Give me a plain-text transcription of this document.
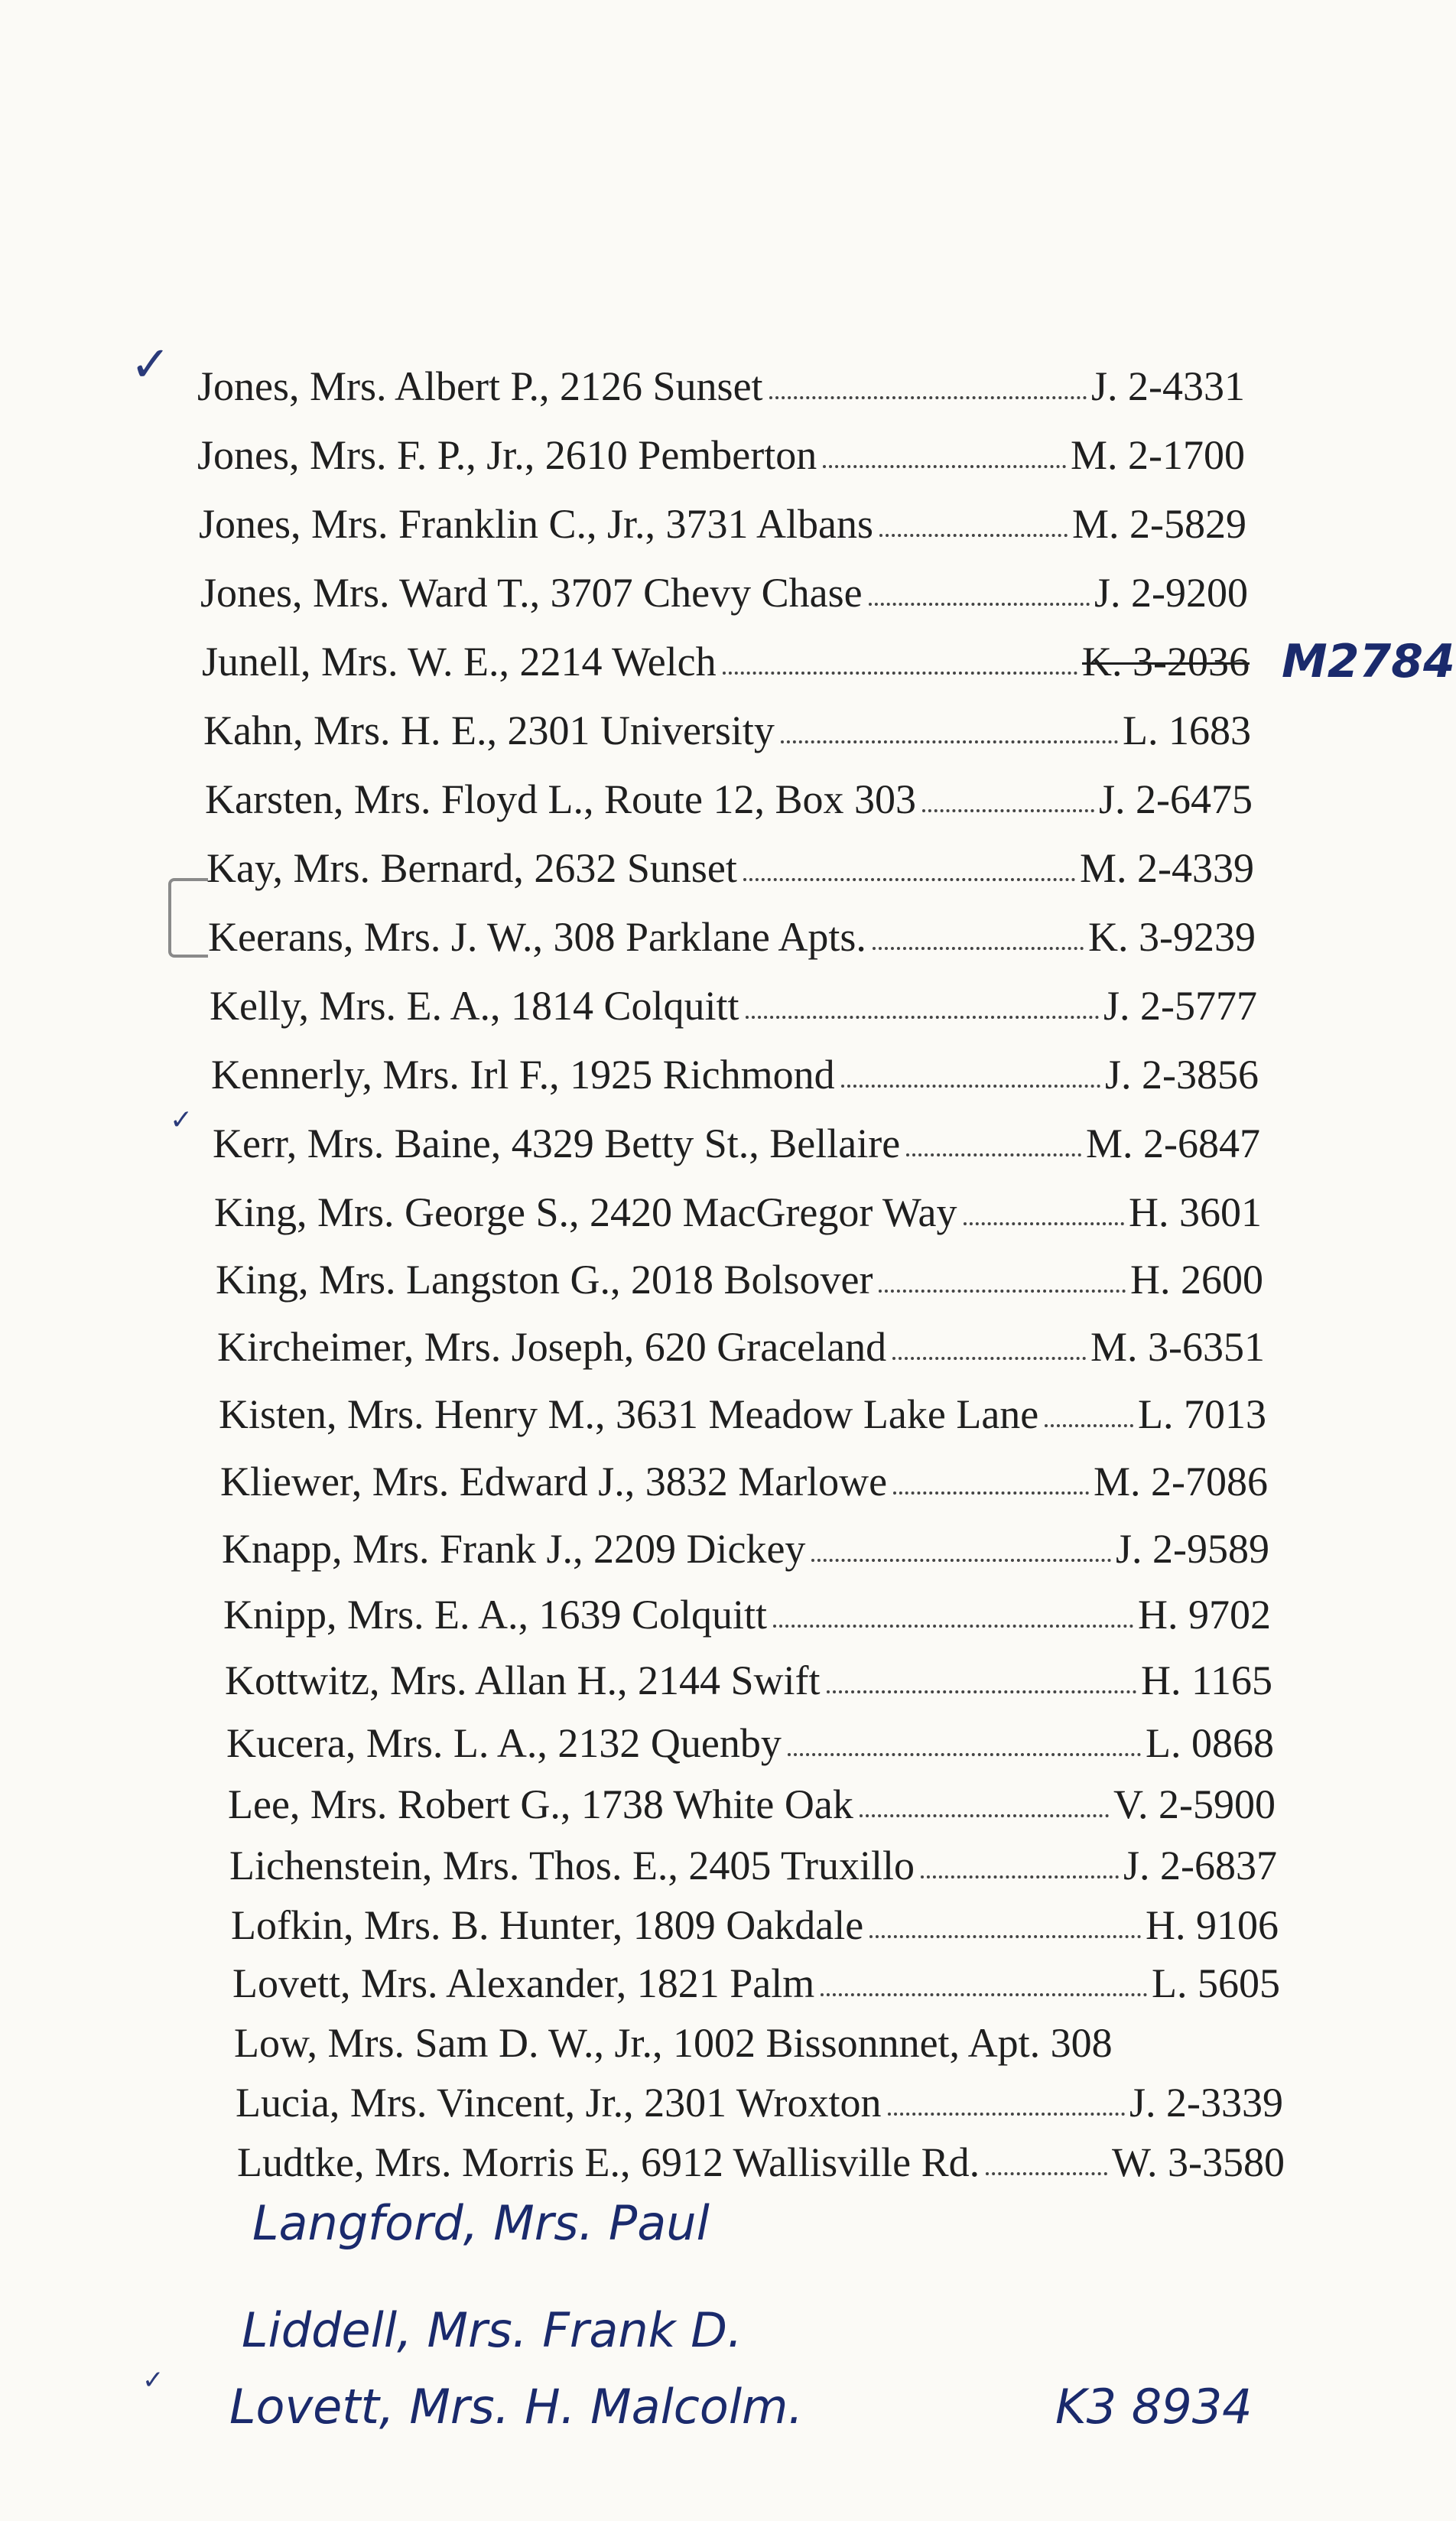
✓
✓
✓
Jones, Mrs. Albert P., 2126 Sunset	J. 2-4331
Jones, Mrs. F. P., Jr., 2610 Pemberton	M. 2-1700
Jones, Mrs. Franklin C., Jr., 3731 Albans	M. 2-5829
Jones, Mrs. Ward T., 3707 Chevy Chase	J. 2-9200
Junell, Mrs. W. E., 2214 Welch	K. 3-2036
Kahn, Mrs. H. E., 2301 University	L. 1683
Karsten, Mrs. Floyd L., Route 12, Box 303	J. 2-6475
Kay, Mrs. Bernard, 2632 Sunset	M. 2-4339
Keerans, Mrs. J. W., 308 Parklane Apts.	K. 3-9239
Kelly, Mrs. E. A., 1814 Colquitt	J. 2-5777
Kennerly, Mrs. Irl F., 1925 Richmond	J. 2-3856
Kerr, Mrs. Baine, 4329 Betty St., Bellaire	M. 2-6847
King, Mrs. George S., 2420 MacGregor Way	H. 3601
King, Mrs. Langston G., 2018 Bolsover	H. 2600
Kircheimer, Mrs. Joseph, 620 Graceland	M. 3-6351
Kisten, Mrs. Henry M., 3631 Meadow Lake Lane L. 7013
Kliewer, Mrs. Edward J., 3832 Marlowe	M. 2-7086
Knapp, Mrs. Frank J., 2209 Dickey	J. 2-9589
Knipp, Mrs. E. A., 1639 Colquitt	H. 9702
Kottwitz, Mrs. Allan H., 2144 Swift	H. 1165
Kucera, Mrs. L. A., 2132 Quenby	L. 0868
Lee, Mrs. Robert G., 1738 White Oak	V. 2-5900
Lichenstein, Mrs. Thos. E., 2405 Truxillo	J. 2-6837
Lofkin, Mrs. B. Hunter, 1809 Oakdale	H. 9106
Lovett, Mrs. Alexander, 1821 Palm	L. 5605
Low, Mrs. Sam D. W., Jr., 1002 Bissonnnet, Apt. 308
Lucia, Mrs. Vincent, Jr., 2301 Wroxton	J. 2-3339
Ludtke, Mrs. Morris E., 6912 Wallisville Rd.	W. 3-3580
M2784
Langford, Mrs. Paul
Liddell, Mrs. Frank D.
Lovett, Mrs. H. Malcolm.	K3 8934
